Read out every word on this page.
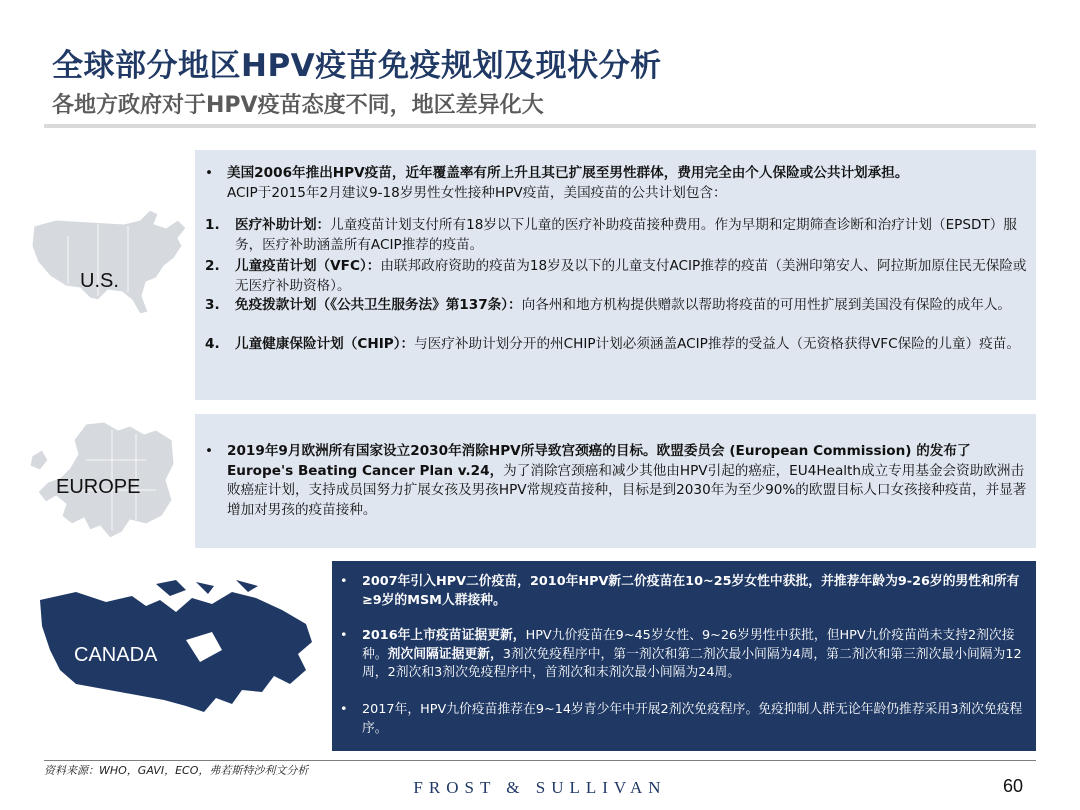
全球部分地区HPV疫苗免疫规划及现状分析
各地方政府对于HPV疫苗态度不同，地区差异化大
U.S.
•	美国2006年推出HPV疫苗，近年覆盖率有所上升且其已扩展至男性群体，费用完全由个人保险或公共计划承担。
ACIP于2015年2月建议9-18岁男性女性接种HPV疫苗，美国疫苗的公共计划包含：
1.	医疗补助计划：儿童疫苗计划支付所有18岁以下儿童的医疗补助疫苗接种费用。作为早期和定期筛查诊断和治疗计划（EPSDT）服务，医疗补助涵盖所有ACIP推荐的疫苗。
2.	儿童疫苗计划（VFC）：由联邦政府资助的疫苗为18岁及以下的儿童支付ACIP推荐的疫苗（美洲印第安人、阿拉斯加原住民无保险或无医疗补助资格）。
3.	免疫拨款计划（《公共卫生服务法》第137条）：向各州和地方机构提供赠款以帮助将疫苗的可用性扩展到美国没有保险的成年人。
4.	儿童健康保险计划（CHIP）：与医疗补助计划分开的州CHIP计划必须涵盖ACIP推荐的受益人（无资格获得VFC保险的儿童）疫苗。
EUROPE
•	2019年9月欧洲所有国家设立2030年消除HPV所导致宫颈癌的目标。欧盟委员会 (European Commission) 的发布了Europe's Beating Cancer Plan v.24，为了消除宫颈癌和减少其他由HPV引起的癌症，EU4Health成立专用基金会资助欧洲击败癌症计划，支持成员国努力扩展女孩及男孩HPV常规疫苗接种，目标是到2030年为至少90%的欧盟目标人口女孩接种疫苗，并显著增加对男孩的疫苗接种。
CANADA
•	2007年引入HPV二价疫苗，2010年HPV新二价疫苗在10~25岁女性中获批，并推荐年龄为9-26岁的男性和所有≥9岁的MSM人群接种。
•	2016年上市疫苗证据更新，HPV九价疫苗在9~45岁女性、9~26岁男性中获批，但HPV九价疫苗尚未支持2剂次接种。剂次间隔证据更新，3剂次免疫程序中，第一剂次和第二剂次最小间隔为4周，第二剂次和第三剂次最小间隔为12周，2剂次和3剂次免疫程序中，首剂次和末剂次最小间隔为24周。
•	2017年，HPV九价疫苗推荐在9~14岁青少年中开展2剂次免疫程序。免疫抑制人群无论年龄仍推荐采用3剂次免疫程序。
资料来源：WHO，GAVI，ECO，弗若斯特沙利文分析
FROST & SULLIVAN	60
